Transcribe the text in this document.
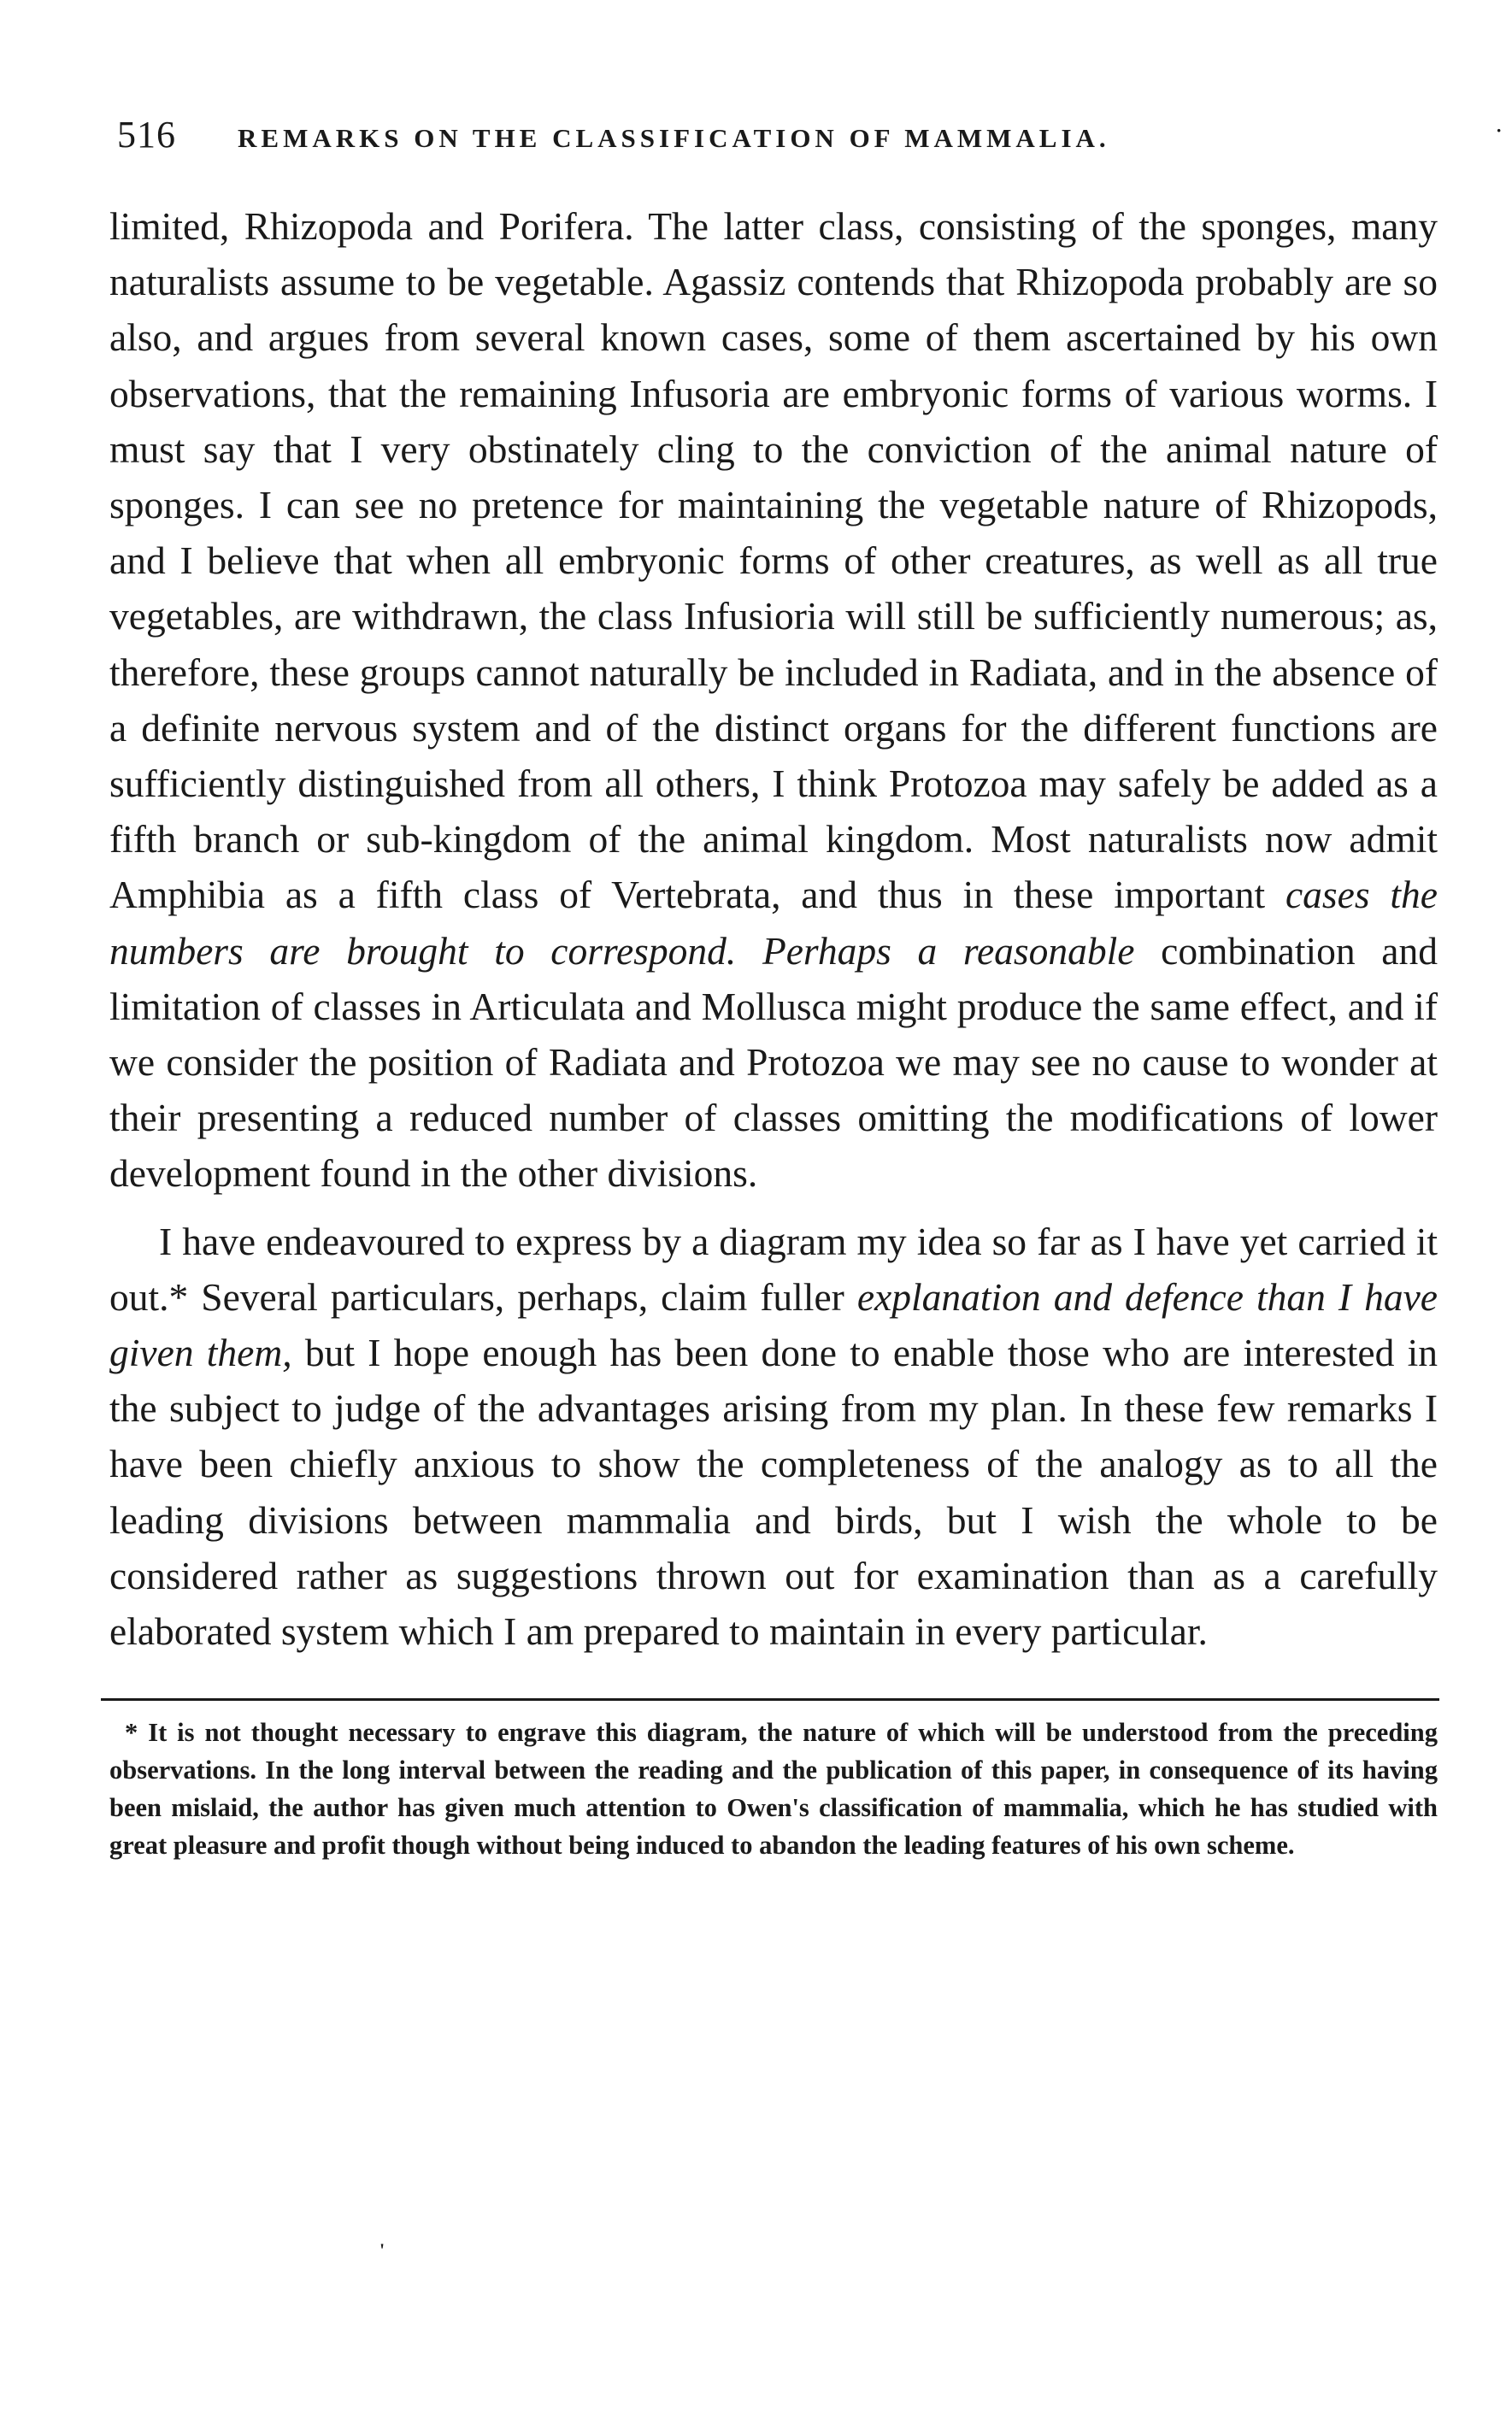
516 REMARKS ON THE CLASSIFICATION OF MAMMALIA.	·

limited, Rhizopoda and Porifera. The latter class, consisting of the sponges, many naturalists assume to be vegetable. Agassiz contends that Rhizopoda probably are so also, and argues from several known cases, some of them ascertained by his own observations, that the remaining Infusoria are embryonic forms of various worms. I must say that I very obstinately cling to the conviction of the animal nature of sponges. I can see no pretence for maintaining the vegetable nature of Rhizopods, and I believe that when all embryonic forms of other creatures, as well as all true vegetables, are withdrawn, the class Infusioria will still be sufficiently numerous; as, therefore, these groups cannot naturally be included in Radiata, and in the absence of a definite nervous system and of the distinct organs for the different functions are sufficiently distinguished from all others, I think Protozoa may safely be added as a fifth branch or sub-kingdom of the animal kingdom. Most naturalists now admit Amphibia as a fifth class of Vertebrata, and thus in these important cases the numbers are brought to correspond. Perhaps a reasonable combination and limitation of classes in Articulata and Mollusca might produce the same effect, and if we consider the position of Radiata and Protozoa we may see no cause to wonder at their presenting a reduced number of classes omitting the modifications of lower development found in the other divisions.

I have endeavoured to express by a diagram my idea so far as I have yet carried it out.* Several particulars, perhaps, claim fuller explanation and defence than I have given them, but I hope enough has been done to enable those who are interested in the subject to judge of the advantages arising from my plan. In these few remarks I have been chiefly anxious to show the completeness of the analogy as to all the leading divisions between mammalia and birds, but I wish the whole to be considered rather as suggestions thrown out for examination than as a carefully elaborated system which I am prepared to maintain in every particular.

* It is not thought necessary to engrave this diagram, the nature of which will be understood from the preceding observations. In the long interval between the reading and the publication of this paper, in consequence of its having been mislaid, the author has given much attention to Owen's classification of mammalia, which he has studied with great pleasure and profit though without being induced to abandon the leading features of his own scheme.

'
